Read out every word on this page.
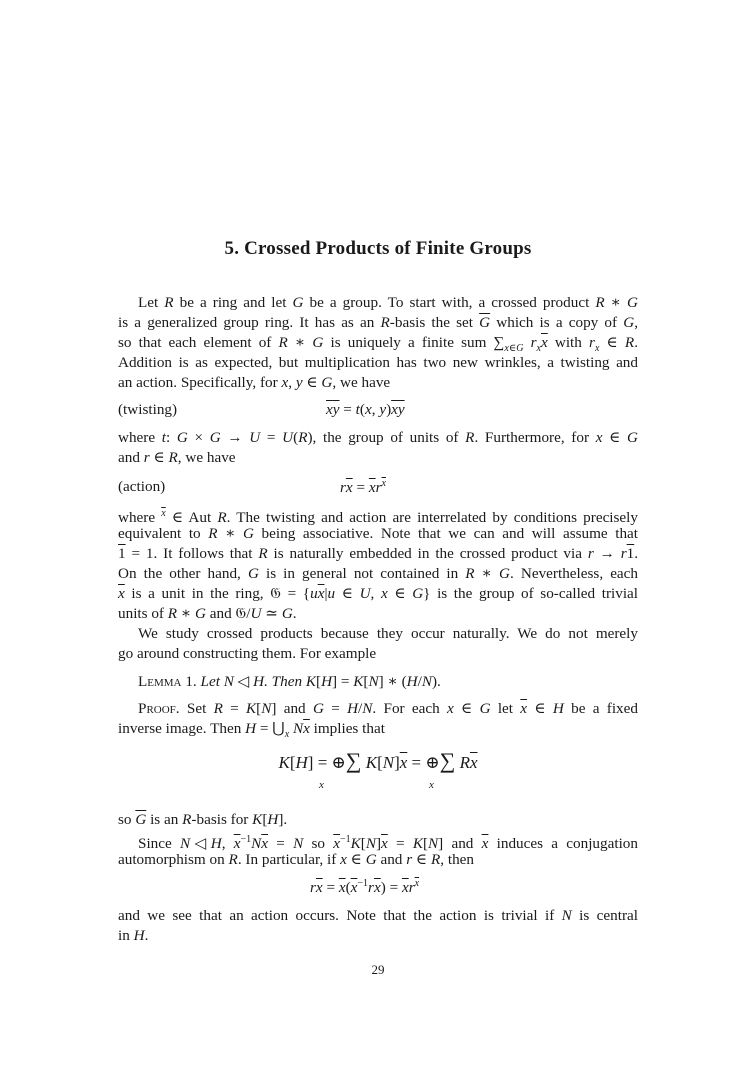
5. Crossed Products of Finite Groups
Let R be a ring and let G be a group. To start with, a crossed product R ∗ G
is a generalized group ring. It has as an R-basis the set $\overline{G}$ which is a copy of G,
so that each element of R ∗ G is uniquely a finite sum $\sum_{x\in G}$ $r_x\overline{x}$ with $r_x$ ∈ R.
Addition is as expected, but multiplication has two new wrinkles, a twisting and
an action. Specifically, for x, y ∈ G, we have
(twisting)	$\overline{x}\overline{y} = t(x$, $y)\overline{xy}$
where t: G × G → U = U(R), the group of units of R. Furthermore, for x ∈ G
and r ∈ R, we have
(action)	$r\overline{x} = \overline{x}r^{\overline{x}}$
where $^{\overline{x}}$ ∈ Aut R. The twisting and action are interrelated by conditions precisely
equivalent to R ∗ G being associative. Note that we can and will assume that
1 = 1. It follows that R is naturally embedded in the crossed product via r → r1.
On the other hand, G is in general not contained in R ∗ G. Nevertheless, each
$\overline{x}$ is a unit in the ring, 𝔊 = {$u\overline{x}|u$ ∈ U, x ∈ G} is the group of so-called trivial
units of R ∗ G and 𝔊/U ≃ G.
We study crossed products because they occur naturally. We do not merely
go around constructing them. For example
Lemma 1. Let N ◁ H. Then K[H] = K[N] ∗ (H/N).
Proof. Set R = K[N] and G = H/N. For each x ∈ G let $\overline{x}$ ∈ H be a fixed
inverse image. Then $H = ⋃_x$ $N\overline{x}$ implies that
K[H] = ⊕∑ $K[N]\overline{x}$ = ⊕∑ $R\overline{x}$
x	x
so $\overline{G}$ is an R-basis for K[H].
Since N◁H, $\overline{x}^{-1}N\overline{x} = N$ so $\overline{x}^{-1}K[N]\overline{x} = K[N]$ and $\overline{x}$ induces a conjugation
automorphism on R. In particular, if x ∈ G and r ∈ R, then
$r\overline{x} = \overline{x}(\overline{x}^{-1}r\overline{x}) = \overline{x}r^{\overline{x}}$
and we see that an action occurs. Note that the action is trivial if N is central
in H.
29
